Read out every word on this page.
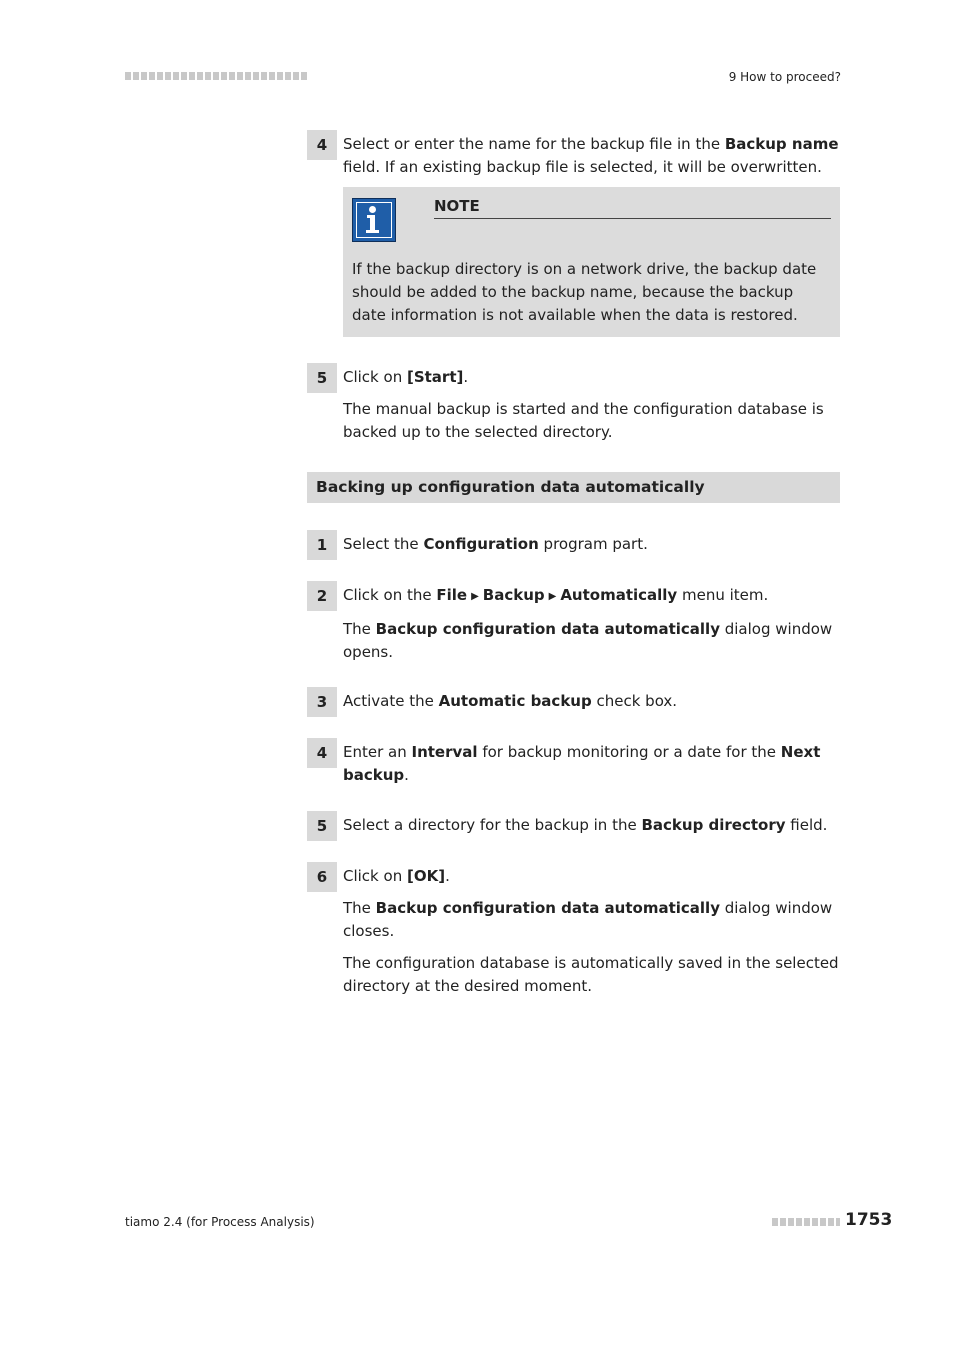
9 How to proceed?
4	Select or enter the name for the backup file in the Backup name field. If an existing backup file is selected, it will be overwritten.

NOTE
If the backup directory is on a network drive, the backup date should be added to the backup name, because the backup date information is not available when the data is restored.
5	Click on [Start].

The manual backup is started and the configuration database is backed up to the selected directory.

Backing up configuration data automatically
1	Select the Configuration program part.

2	Click on the File ▶ Backup ▶ Automatically menu item.

The Backup configuration data automatically dialog window opens.

3	Activate the Automatic backup check box.

4	Enter an Interval for backup monitoring or a date for the Next backup.

5	Select a directory for the backup in the Backup directory field.

6	Click on [OK].

The Backup configuration data automatically dialog window closes.

The configuration database is automatically saved in the selected directory at the desired moment.

tiamo 2.4 (for Process Analysis)	1753
